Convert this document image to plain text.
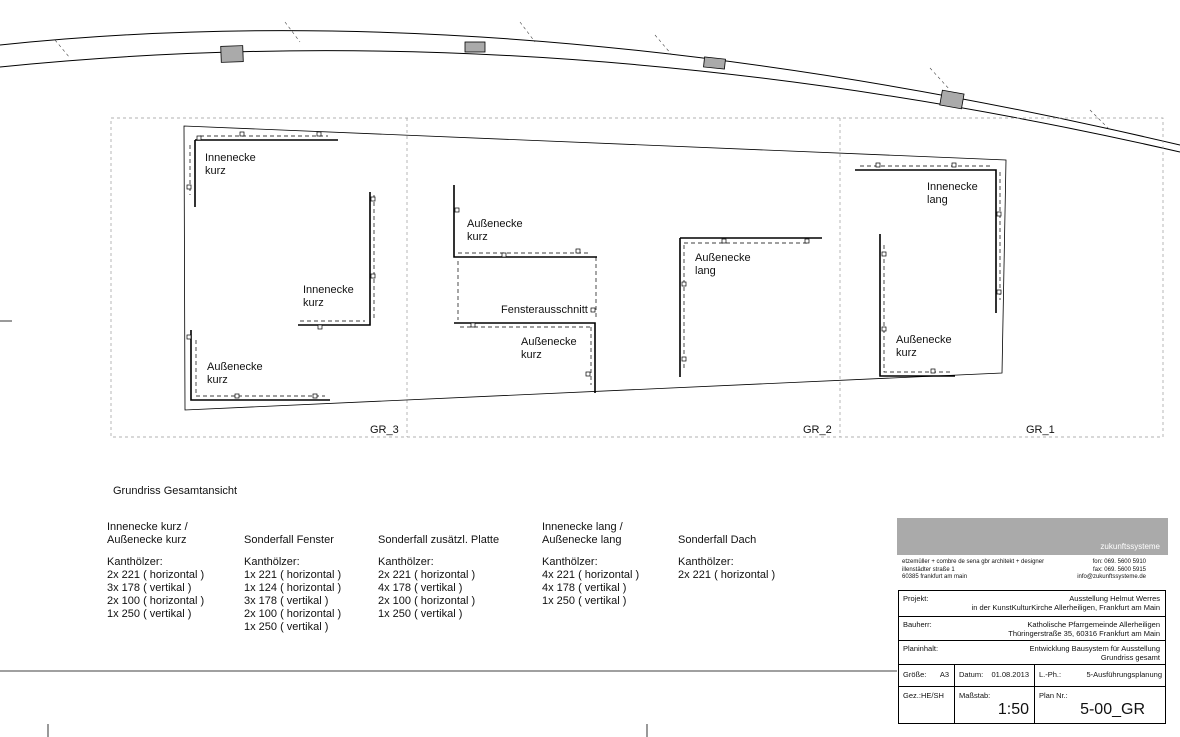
Innenecke
kurz
Innenecke
kurz
Außenecke
kurz
Außenecke
kurz
Fensterausschnitt
Außenecke
kurz
Außenecke
lang
Innenecke
lang
Außenecke
kurz
GR_3	GR_2	GR_1
Grundriss Gesamtansicht
Innenecke kurz /
Außenecke kurz
Kanthölzer:
2x 221 ( horizontal )
3x 178 ( vertikal )
2x 100 ( horizontal )
1x 250 ( vertikal )
Sonderfall Fenster
Kanthölzer:
1x 221 ( horizontal )
1x 124 ( horizontal )
3x 178 ( vertikal )
2x 100 ( horizontal )
1x 250 ( vertikal )
Sonderfall zusätzl. Platte
Kanthölzer:
2x 221 ( horizontal )
4x 178 ( vertikal )
2x 100 ( horizontal )
1x 250 ( vertikal )
Innenecke lang /
Außenecke lang
Kanthölzer:
4x 221 ( horizontal )
4x 178 ( vertikal )
1x 250 ( vertikal )
Sonderfall Dach
Kanthölzer:
2x 221 ( horizontal )
zukunftssysteme
etzemüller + combre de sena gbr architekt + designer
illenstädter straße 1
60385 frankfurt am main
fon: 069. 5600 5910
fax: 069. 5600 5915
info@zukunftssysteme.de
Projekt:	Ausstellung Helmut Werres
in der KunstKulturKirche Allerheiligen, Frankfurt am Main
Bauherr:	Katholische Pfarrgemeinde Allerheiligen
Thüringerstraße 35, 60316 Frankfurt am Main
Planinhalt:	Entwicklung Bausystem für Ausstellung
Grundriss gesamt
Größe: A3 Datum: 01.08.2013 L.-Ph.:	5-Ausführungsplanung
Gez.:HE/SH Maßstab:
1:50
Plan Nr.:
5-00_GR
